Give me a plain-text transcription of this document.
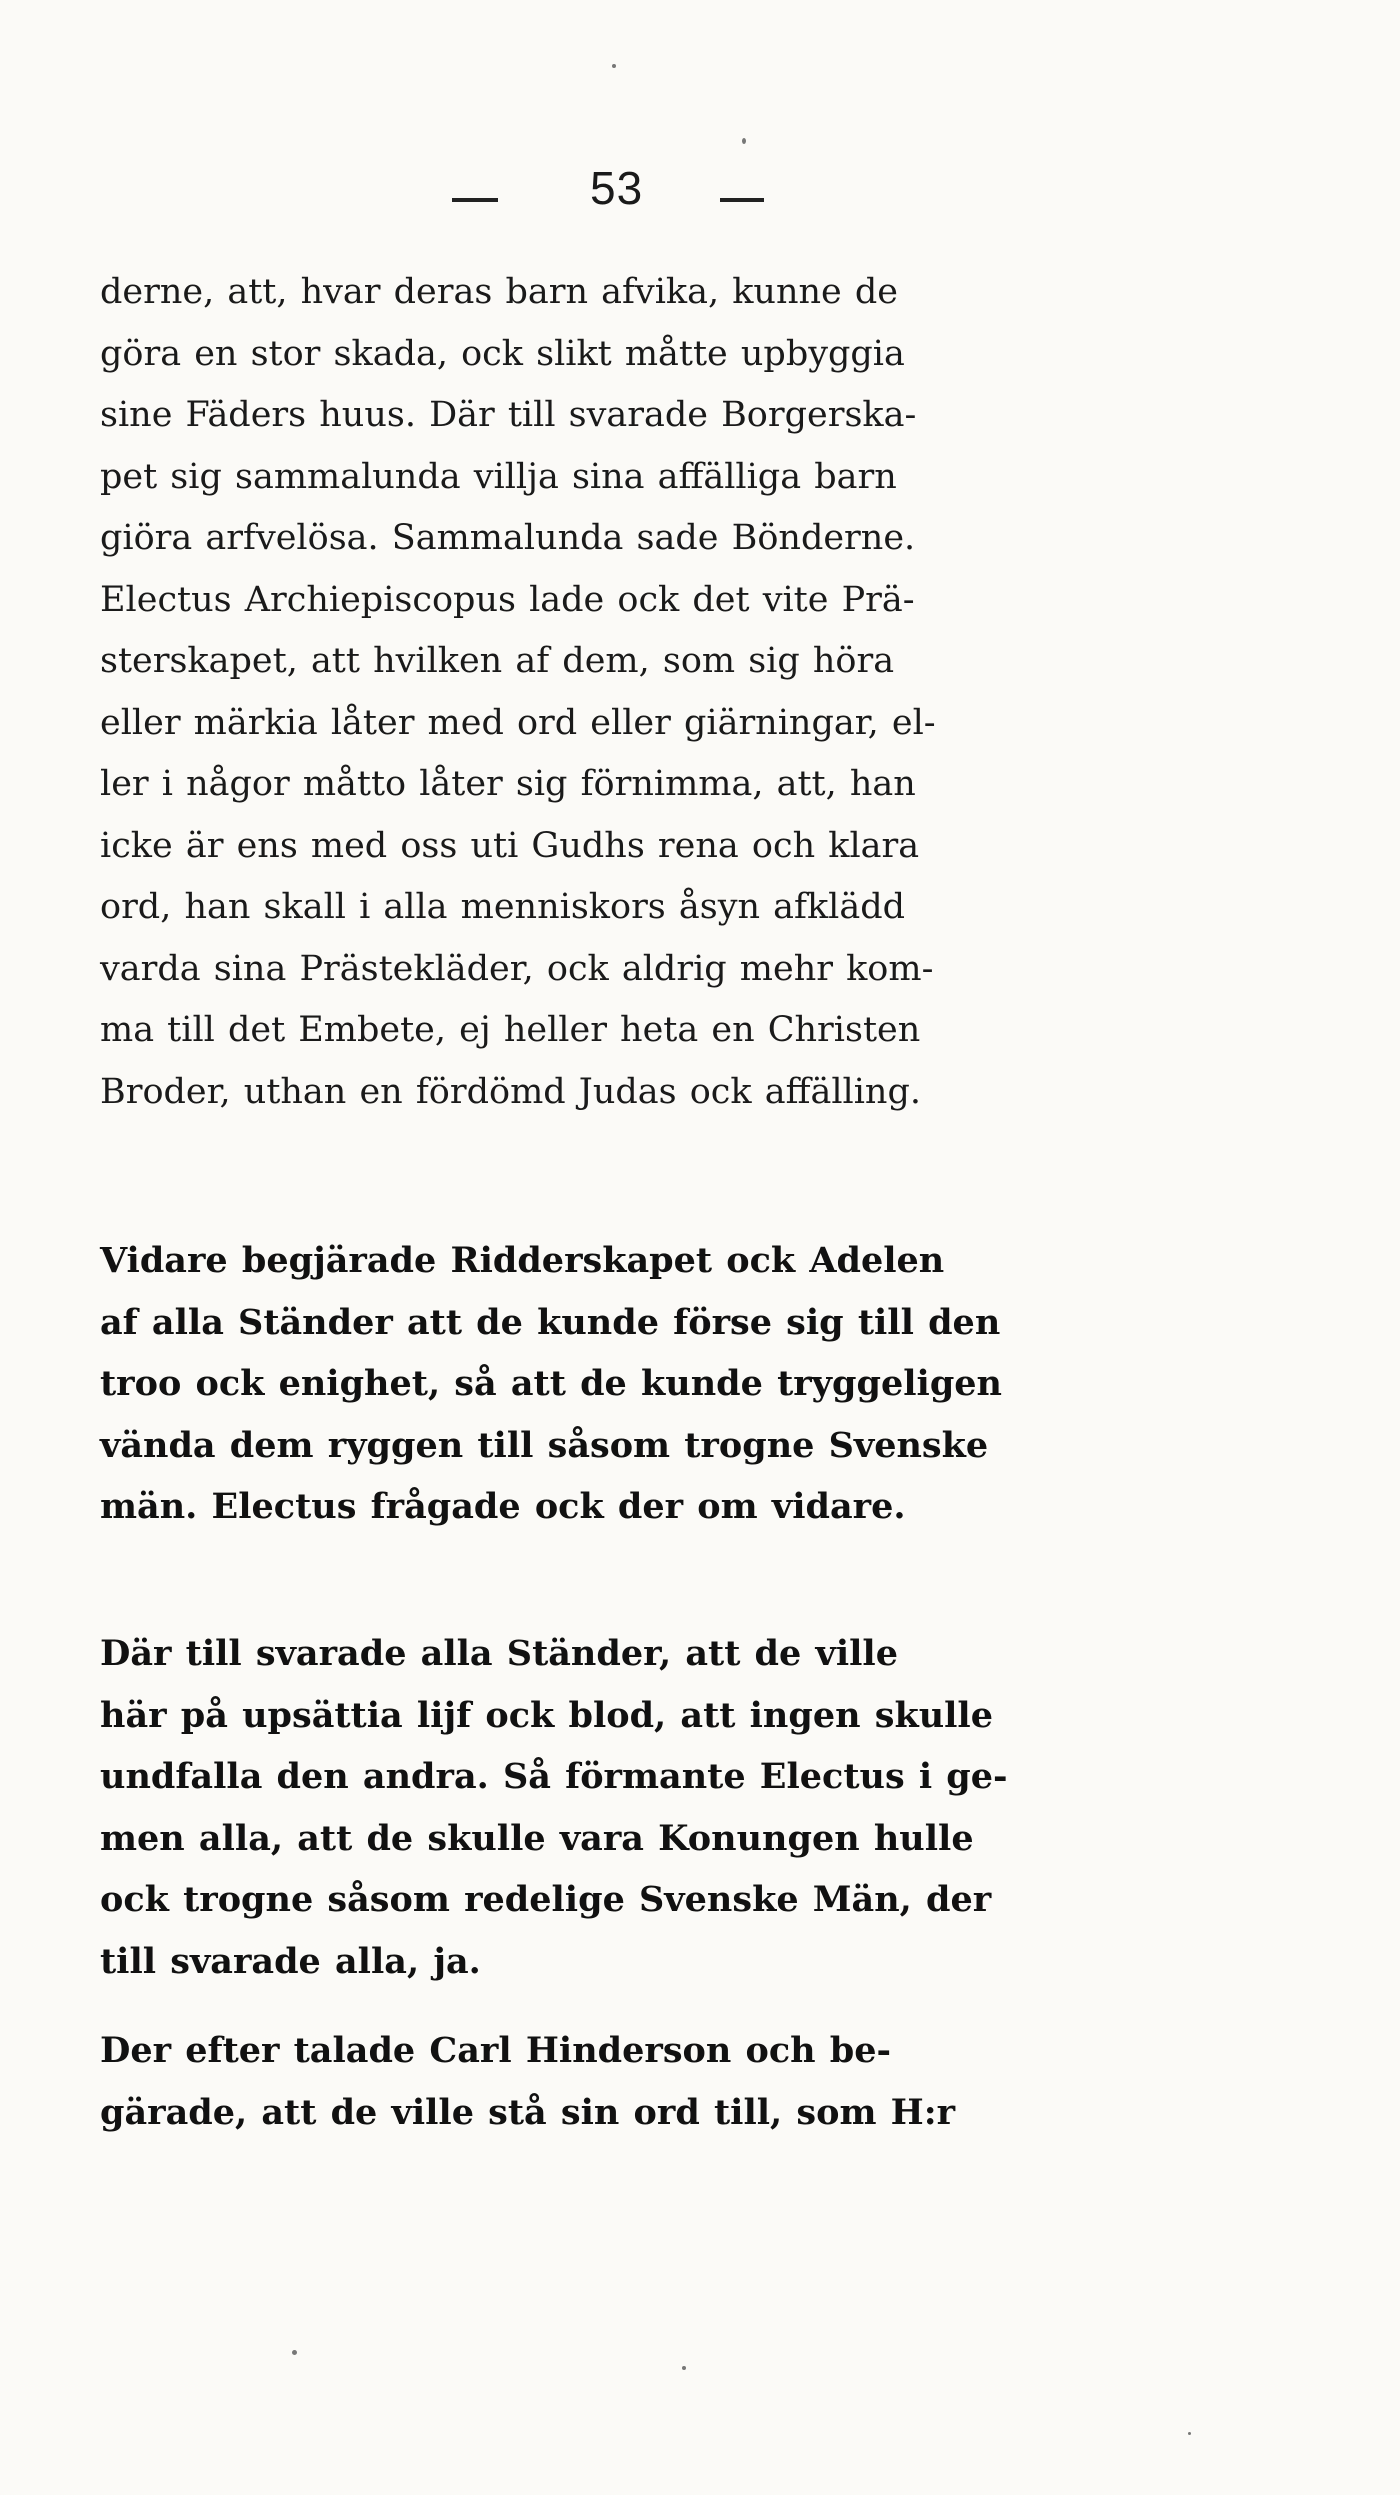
53
derne, att, hvar deras barn afvika, kunne de
göra en stor skada, ock slikt måtte upbyggia
sine Fäders huus. Där till svarade Borgerska-
pet sig sammalunda villja sina affälliga barn
giöra arfvelösa. Sammalunda sade Bönderne.
Electus Archiepiscopus lade ock det vite Prä-
sterskapet, att hvilken af dem, som sig höra
eller märkia låter med ord eller giärningar, el-
ler i någor måtto låter sig förnimma, att, han
icke är ens med oss uti Gudhs rena och klara
ord, han skall i alla menniskors åsyn afklädd
varda sina Prästekläder, ock aldrig mehr kom-
ma till det Embete, ej heller heta en Christen
Broder, uthan en fördömd Judas ock affälling.
Vidare begjärade Ridderskapet ock Adelen
af alla Ständer att de kunde förse sig till den
troo ock enighet, så att de kunde tryggeligen
vända dem ryggen till såsom trogne Svenske
män. Electus frågade ock der om vidare.
Där till svarade alla Ständer, att de ville
här på upsättia lijf ock blod, att ingen skulle
undfalla den andra. Så förmante Electus i ge-
men alla, att de skulle vara Konungen hulle
ock trogne såsom redelige Svenske Män, der
till svarade alla, ja.
Der efter talade Carl Hinderson och be-
gärade, att de ville stå sin ord till, som H:r
